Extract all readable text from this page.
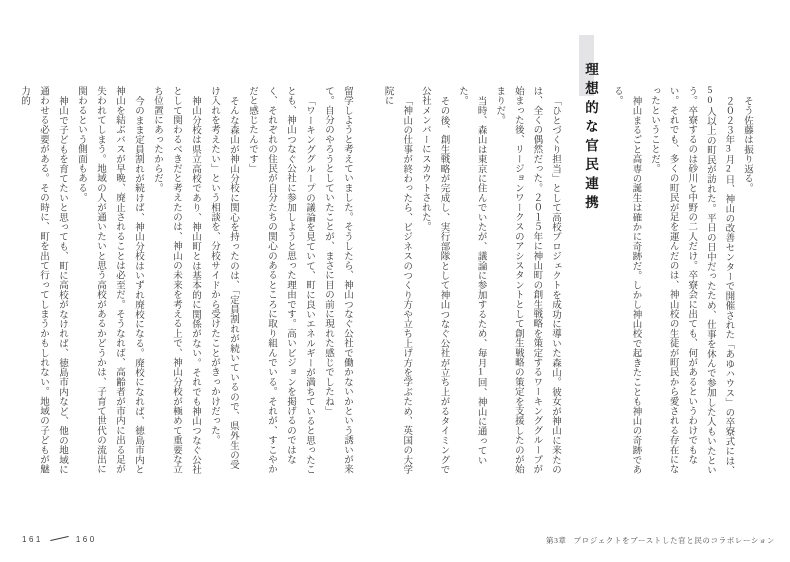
そう佐藤は振り返る。

２０２３年3月2日、神山の改善センターで開催された「あゆハウス」の卒寮式には、50人以上の町民が訪れた。平日の日中だったため、仕事を休んで参加した人もいたという。卒寮するのは砂川と中野の二人だけ。卒寮会に出ても、何があるというわけでもない。それでも、多くの町民が足を運んだのは、神山校の生徒が町民から愛される存在になったということだ。

神山まるごと高専の誕生は確かに奇跡だ。しかし神山校で起きたことも神山の奇跡である。

理想的な官民連携

「ひとづくり担当」として高校プロジェクトを成功に導いた森山。彼女が神山に来たのは、全くの偶然だった。２０１５年に神山町の創生戦略を策定するワーキンググループが始まった後、リージョンワークスのアシスタントとして創生戦略の策定を支援したのが始まりだ。

当時、森山は東京に住んでいたが、議論に参加するため、毎月1回、神山に通っていた。

その後、創生戦略が完成し、実行部隊として神山つなぐ公社が立ち上がるタイミングで公社メンバーにスカウトされた。

「神山の仕事が終わったら、ビジネスのつくり方や立ち上げ方を学ぶため、英国の大学院に

留学しようと考えていました。そうしたら、神山つなぐ公社で働かないかという誘いが来て。自分のやろうとしていたことが、まさに目の前に現れた感じでしたね」

「ワーキンググループの議論を見ていて、町に良いエネルギーが満ちていると思ったことも、神山つなぐ公社に参加しようと思った理由です。高いビジョンを掲げるのではなく、それぞれの住民が自分たちの関心のあるところに取り組んでいる。それが、すこやかだと感じたんです」

そんな森山が神山分校に関心を持ったのは、「定員割れが続いているので、県外生の受け入れを考えたい」という相談を、分校サイドから受けたことがきっかけだった。

神山分校は県立高校であり、神山町とは基本的に関係がない。それでも神山つなぐ公社として関わるべきだと考えたのは、神山の未来を考える上で、神山分校が極めて重要な立ち位置にあったからだ。

今のまま定員割れが続けば、神山分校はいずれ廃校になる。廃校になれば、徳島市内と神山を結ぶバスが早晩、廃止されることは必至だ。そうなれば、高齢者が市内に出る足が失われてしまう。地域の人が通いたいと思う高校があるかどうかは、子育て世代の流出に関わるという側面もある。

神山で子どもを育てたいと思っても、町に高校がなければ、徳島市内など、他の地域に通わせる必要がある。その時に、町を出て行ってしまうかもしれない。地域の子どもが魅力的

161	160	第3章 プロジェクトをブーストした官と民のコラボレーション
